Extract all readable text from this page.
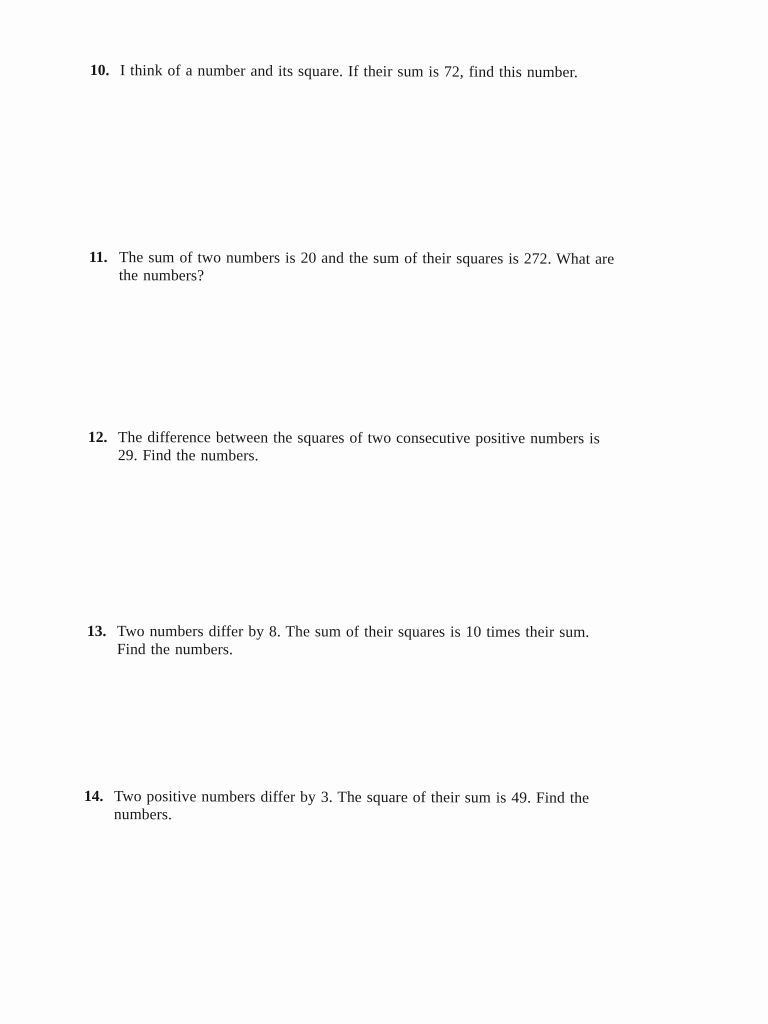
10. I think of a number and its square. If their sum is 72, find this number.
11. The sum of two numbers is 20 and the sum of their squares is 272. What are the numbers?
12. The difference between the squares of two consecutive positive numbers is 29. Find the numbers.
13. Two numbers differ by 8. The sum of their squares is 10 times their sum. Find the numbers.
14. Two positive numbers differ by 3. The square of their sum is 49. Find the numbers.
